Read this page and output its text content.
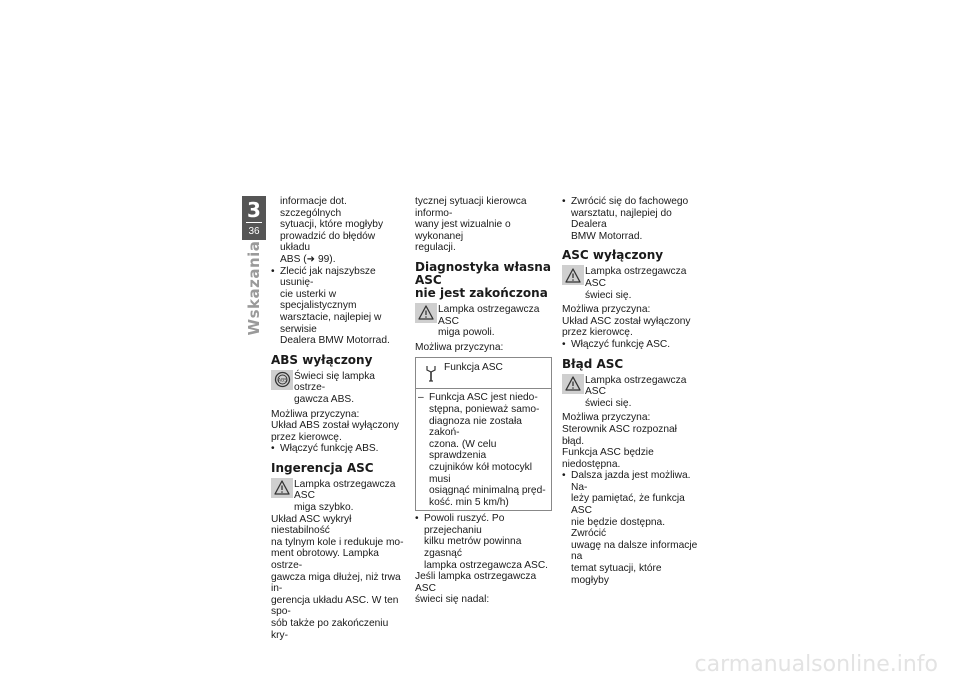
3
36
Wskazania

informacje dot. szczególnych

sytuacji, które mogłyby

prowadzić do błędów układu

ABS (➜ 99).

• Zlecić jak najszybsze usunię-

cie usterki w specjalistycznym

warsztacie, najlepiej w serwisie

Dealera BMW Motorrad.

ABS wyłączony
ABS Świeci się lampka ostrze-

gawcza ABS.

Możliwa przyczyna:

Układ ABS został wyłączony

przez kierowcę.

• Włączyć funkcję ABS.

Ingerencja ASC

Lampka ostrzegawcza ASC

miga szybko.

Układ ASC wykrył niestabilność

na tylnym kole i redukuje mo-

ment obrotowy. Lampka ostrze-

gawcza miga dłużej, niż trwa in-

gerencja układu ASC. W ten spo-

sób także po zakończeniu kry-

tycznej sytuacji kierowca informo-

wany jest wizualnie o wykonanej

regulacji.

Diagnostyka własna ASC
nie jest zakończona

Lampka ostrzegawcza ASC

miga powoli.

Możliwa przyczyna:

Funkcja ASC

– Funkcja ASC jest niedo-

stępna, ponieważ samo-

diagnoza nie została zakoń-

czona. (W celu sprawdzenia

czujników kół motocykl musi

osiągnąć minimalną pręd-

kość. min 5 km/h)

• Powoli ruszyć. Po przejechaniu

kilku metrów powinna zgasnąć

lampka ostrzegawcza ASC.

Jeśli lampka ostrzegawcza ASC

świeci się nadal:

• Zwrócić się do fachowego

warsztatu, najlepiej do Dealera

BMW Motorrad.

ASC wyłączony

Lampka ostrzegawcza ASC

świeci się.

Możliwa przyczyna:

Układ ASC został wyłączony

przez kierowcę.

• Włączyć funkcję ASC.

Błąd ASC

Lampka ostrzegawcza ASC

świeci się.

Możliwa przyczyna:

Sterownik ASC rozpoznał błąd.

Funkcja ASC będzie niedostępna.

• Dalsza jazda jest możliwa. Na-

leży pamiętać, że funkcja ASC

nie będzie dostępna. Zwrócić

uwagę na dalsze informacje na

temat sytuacji, które mogłyby

carmanualsonline.info
